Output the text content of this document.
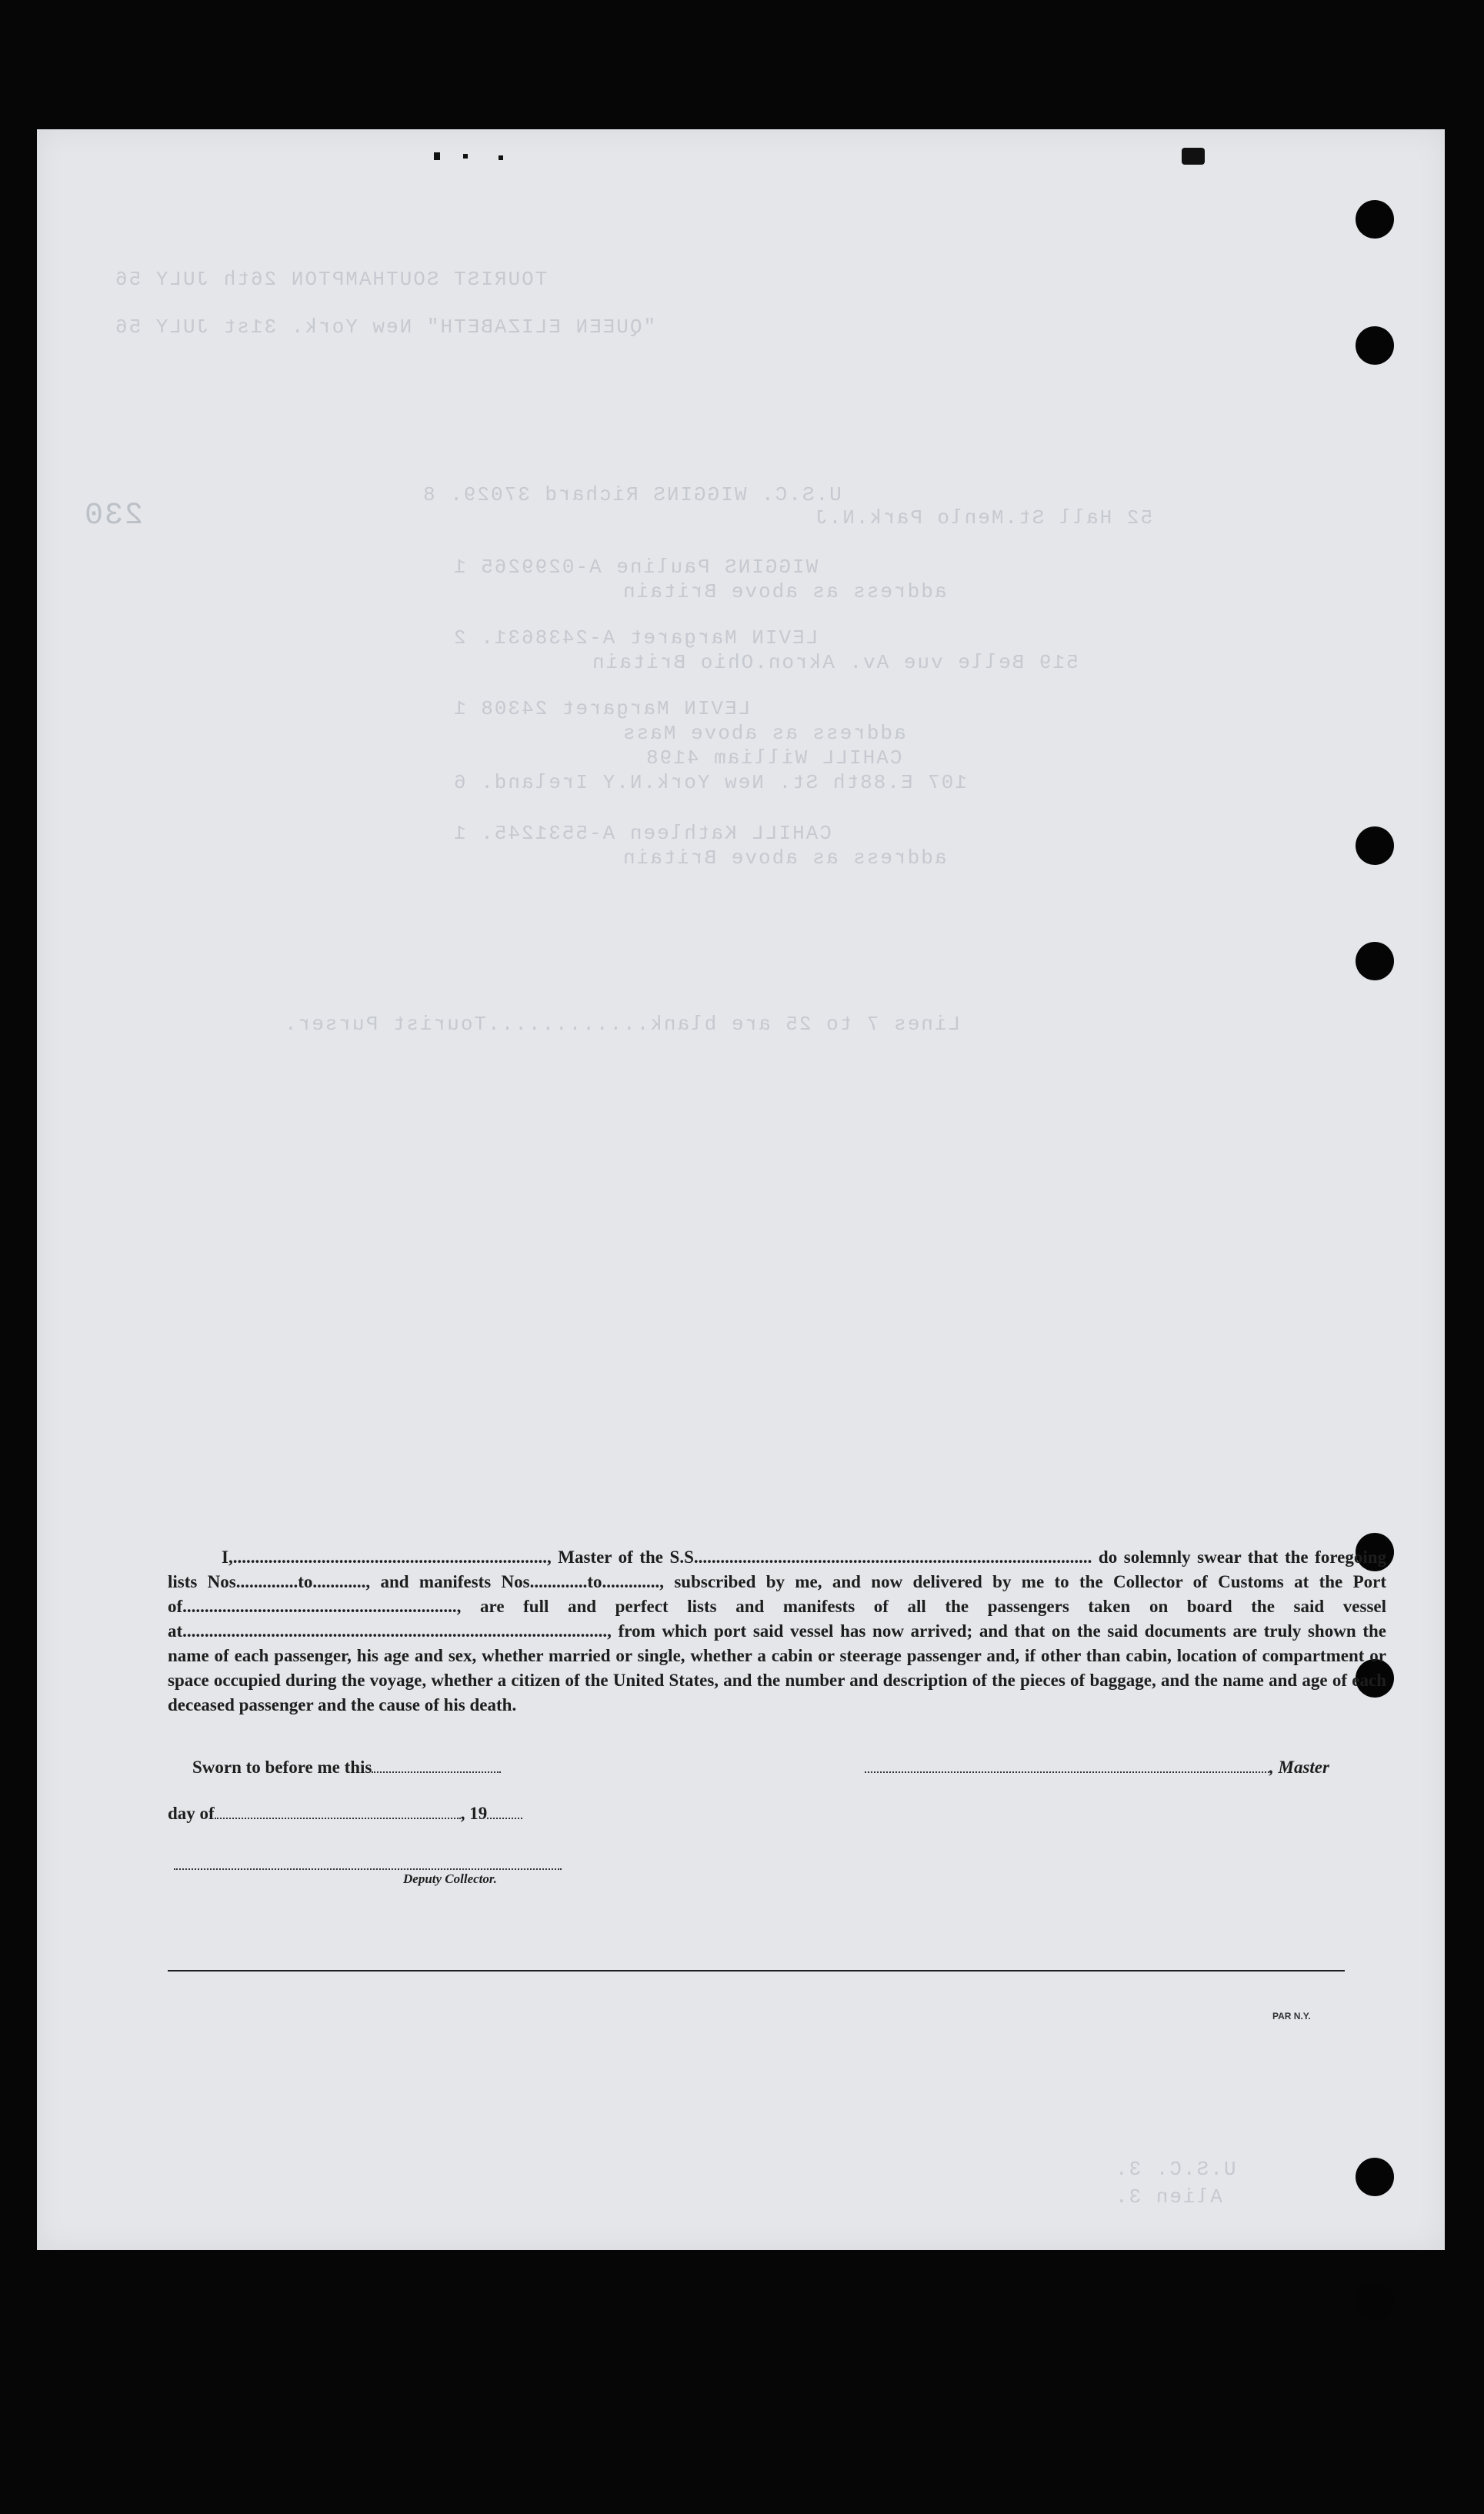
TOURIST SOUTHAMPTON 26th JULY 56
"QUEEN ELIZABETH" New York. 31st JULY 56
230
U.S.C. WIGGINS Richard 37029. 8
52 Hall St.Menlo Park.N.J
WIGGINS Pauline A-0299265 1
address as above Britain
LEVIN Margaret A-2438631. 2
519 Belle vue Av. Akron.Ohio Britain
LEVIN Margaret 24308 1
address as above Mass
CAHILL William 4198
107 E.88th St. New York.N.Y Ireland. 6
CAHILL Kathleen A-5531245. 1
address as above Britain
Lines 7 to 25 are blank............Tourist Purser.
U.S.C. 3.
Alien 3.
I,......................................................................., Master of the S.S.......................................................................................... do solemnly swear that the foregoing lists Nos..............to............, and manifests Nos.............to............., subscribed by me, and now delivered by me to the Collector of Customs at the Port of.............................................................., are full and perfect lists and manifests of all the passengers taken on board the said vessel at................................................................................................, from which port said vessel has now arrived; and that on the said documents are truly shown the name of each passenger, his age and sex, whether married or single, whether a cabin or steerage passenger and, if other than cabin, location of compartment or space occupied during the voyage, whether a citizen of the United States, and the number and description of the pieces of baggage, and the name and age of each deceased passenger and the cause of his death.
Sworn to before me this	, Master
day of	, 19
Deputy Collector.
PAR N.Y.
